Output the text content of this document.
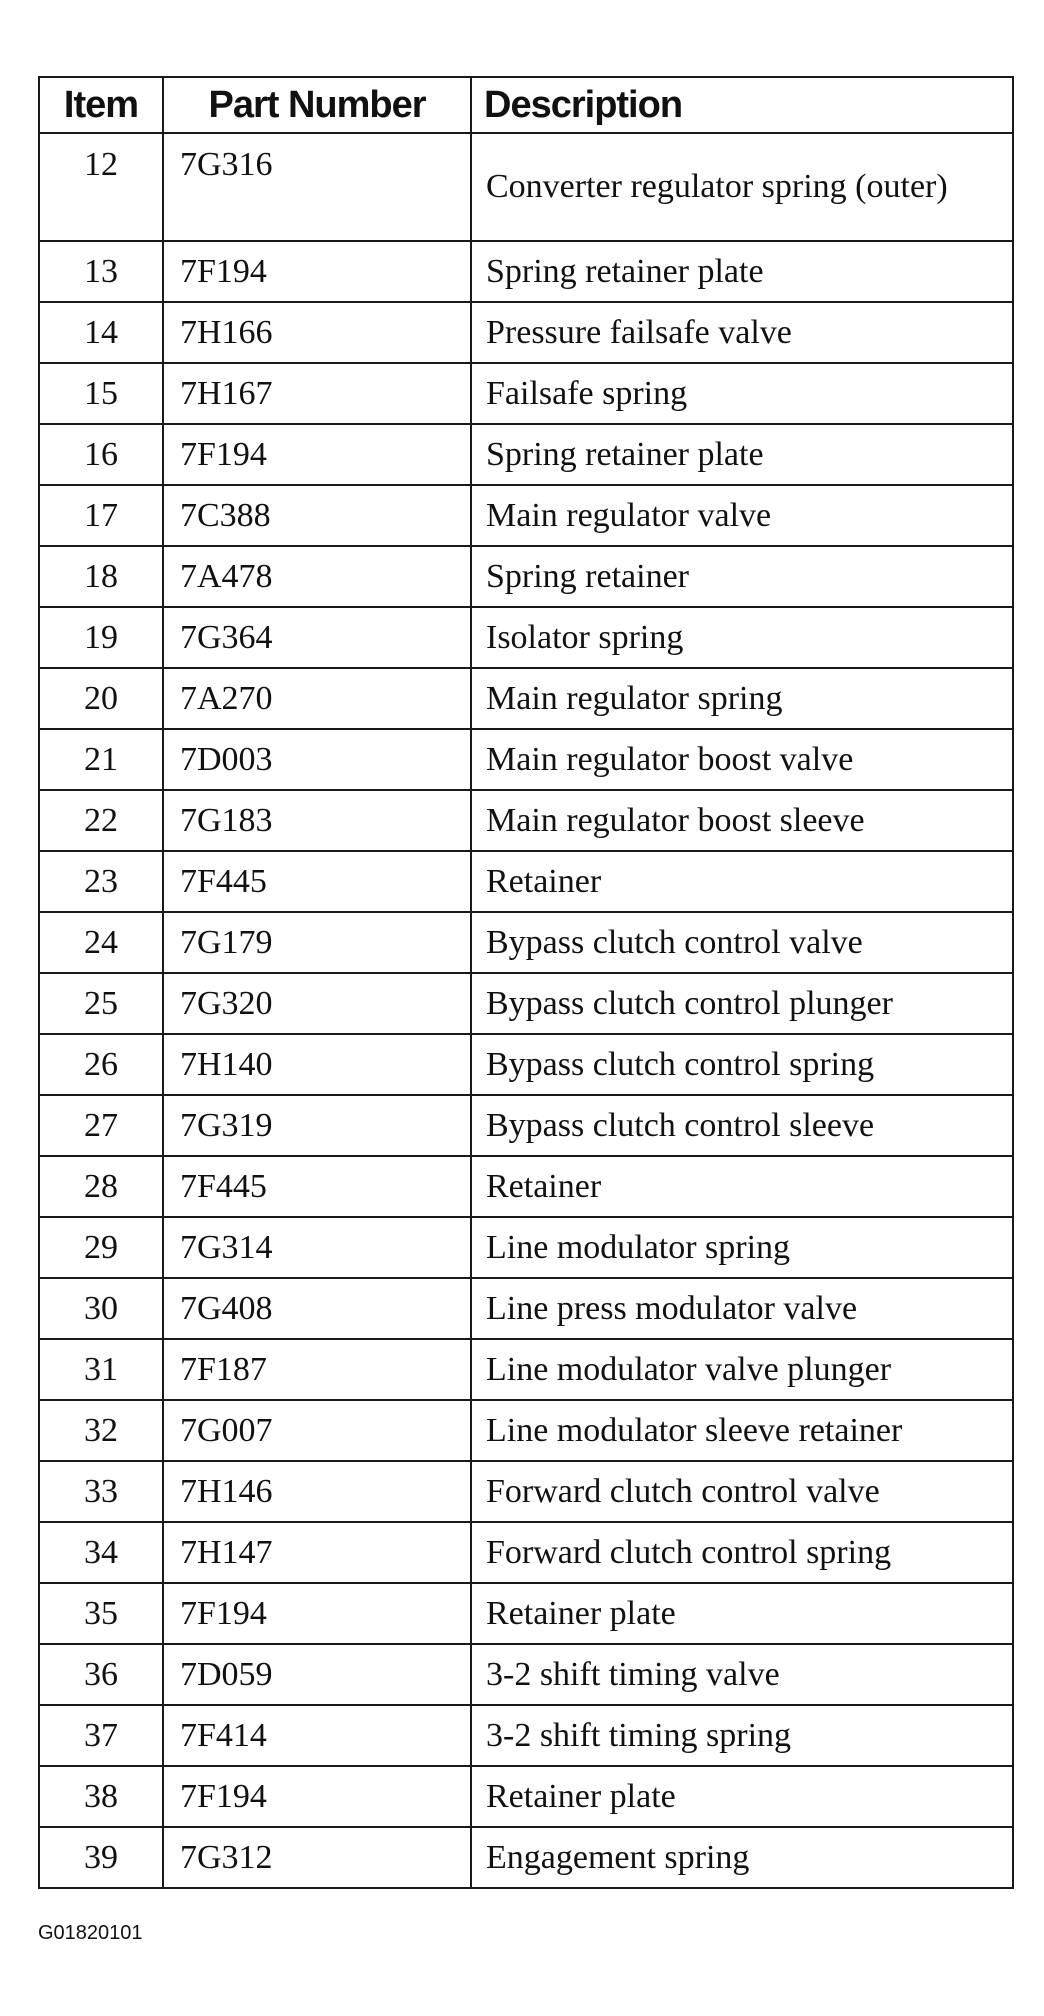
Item	Part Number	Description
12	7G316	Converter regulator spring (outer)
13	7F194	Spring retainer plate
14	7H166	Pressure failsafe valve
15	7H167	Failsafe spring
16	7F194	Spring retainer plate
17	7C388	Main regulator valve
18	7A478	Spring retainer
19	7G364	Isolator spring
20	7A270	Main regulator spring
21	7D003	Main regulator boost valve
22	7G183	Main regulator boost sleeve
23	7F445	Retainer
24	7G179	Bypass clutch control valve
25	7G320	Bypass clutch control plunger
26	7H140	Bypass clutch control spring
27	7G319	Bypass clutch control sleeve
28	7F445	Retainer
29	7G314	Line modulator spring
30	7G408	Line press modulator valve
31	7F187	Line modulator valve plunger
32	7G007	Line modulator sleeve retainer
33	7H146	Forward clutch control valve
34	7H147	Forward clutch control spring
35	7F194	Retainer plate
36	7D059	3-2 shift timing valve
37	7F414	3-2 shift timing spring
38	7F194	Retainer plate
39	7G312	Engagement spring
G01820101
